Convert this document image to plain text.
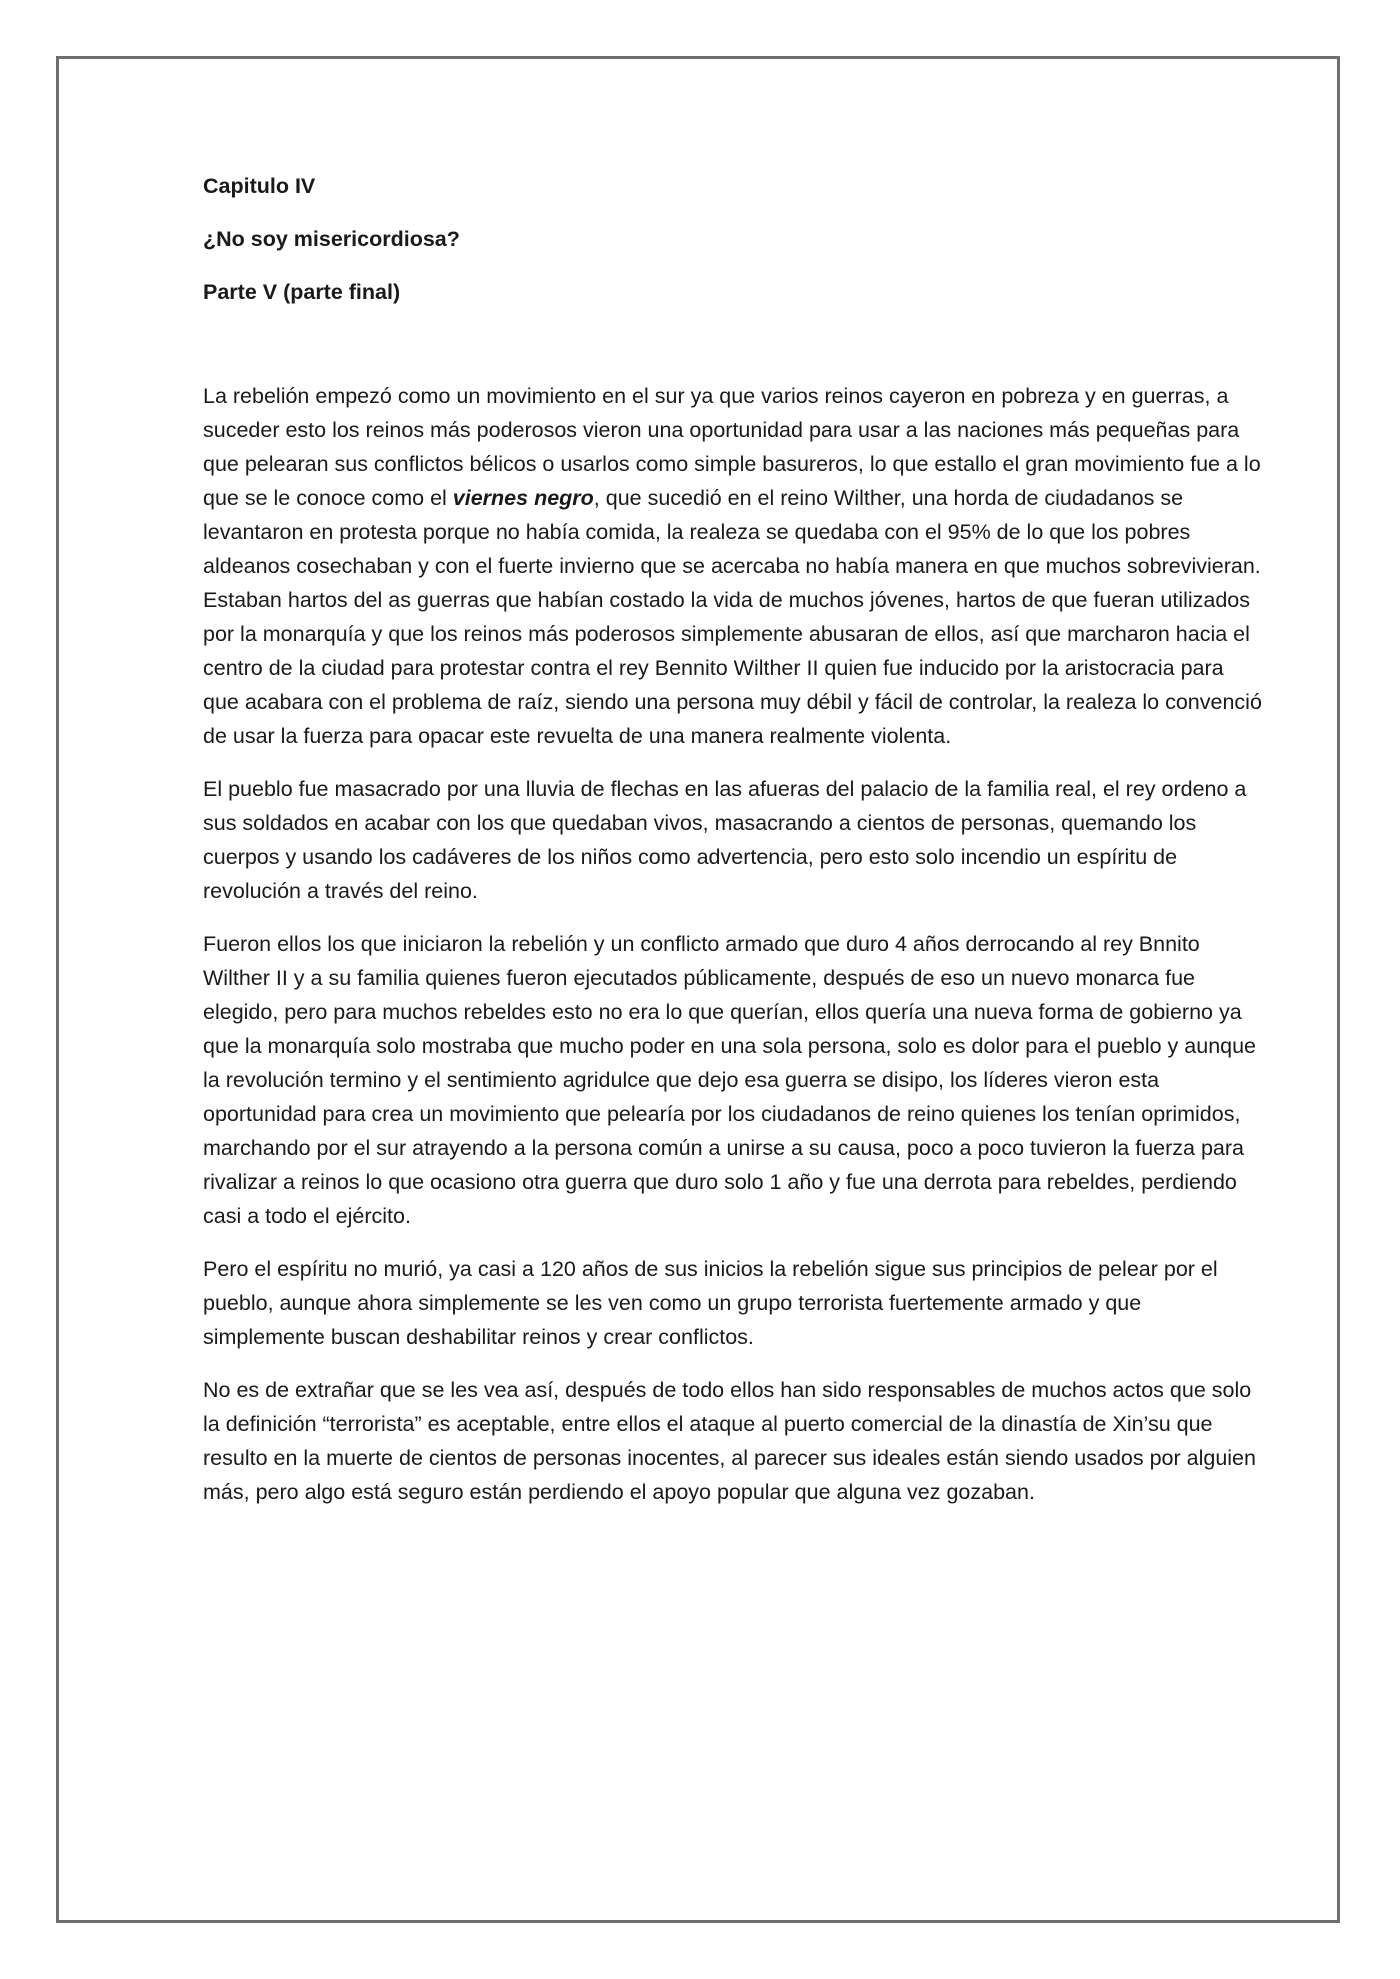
Capitulo IV

¿No soy misericordiosa?

Parte V (parte final)

La rebelión empezó como un movimiento en el sur ya que varios reinos cayeron en pobreza y en guerras, a suceder esto los reinos más poderosos vieron una oportunidad para usar a las naciones más pequeñas para que pelearan sus conflictos bélicos o usarlos como simple basureros, lo que estallo el gran movimiento fue a lo que se le conoce como el viernes negro, que sucedió en el reino Wilther, una horda de ciudadanos se levantaron en protesta porque no había comida, la realeza se quedaba con el 95% de lo que los pobres aldeanos cosechaban y con el fuerte invierno que se acercaba no había manera en que muchos sobrevivieran. Estaban hartos del as guerras que habían costado la vida de muchos jóvenes, hartos de que fueran utilizados por la monarquía y que los reinos más poderosos simplemente abusaran de ellos, así que marcharon hacia el centro de la ciudad para protestar contra el rey Bennito Wilther II quien fue inducido por la aristocracia para que acabara con el problema de raíz, siendo una persona muy débil y fácil de controlar, la realeza lo convenció de usar la fuerza para opacar este revuelta de una manera realmente violenta.

El pueblo fue masacrado por una lluvia de flechas en las afueras del palacio de la familia real, el rey ordeno a sus soldados en acabar con los que quedaban vivos, masacrando a cientos de personas, quemando los cuerpos y usando los cadáveres de los niños como advertencia, pero esto solo incendio un espíritu de revolución a través del reino.

Fueron ellos los que iniciaron la rebelión y un conflicto armado que duro 4 años derrocando al rey Bnnito Wilther II y a su familia quienes fueron ejecutados públicamente, después de eso un nuevo monarca fue elegido, pero para muchos rebeldes esto no era lo que querían, ellos quería una nueva forma de gobierno ya que la monarquía solo mostraba que mucho poder en una sola persona, solo es dolor para el pueblo y aunque la revolución termino y el sentimiento agridulce que dejo esa guerra se disipo, los líderes vieron esta oportunidad para crea un movimiento que pelearía por los ciudadanos de reino quienes los tenían oprimidos, marchando por el sur atrayendo a la persona común a unirse a su causa, poco a poco tuvieron la fuerza para rivalizar a reinos lo que ocasiono otra guerra que duro solo 1 año y fue una derrota para rebeldes, perdiendo casi a todo el ejército.

Pero el espíritu no murió, ya casi a 120 años de sus inicios la rebelión sigue sus principios de pelear por el pueblo, aunque ahora simplemente se les ven como un grupo terrorista fuertemente armado y que simplemente buscan deshabilitar reinos y crear conflictos.

No es de extrañar que se les vea así, después de todo ellos han sido responsables de muchos actos que solo la definición “terrorista” es aceptable, entre ellos el ataque al puerto comercial de la dinastía de Xin’su que resulto en la muerte de cientos de personas inocentes, al parecer sus ideales están siendo usados por alguien más, pero algo está seguro están perdiendo el apoyo popular que alguna vez gozaban.
